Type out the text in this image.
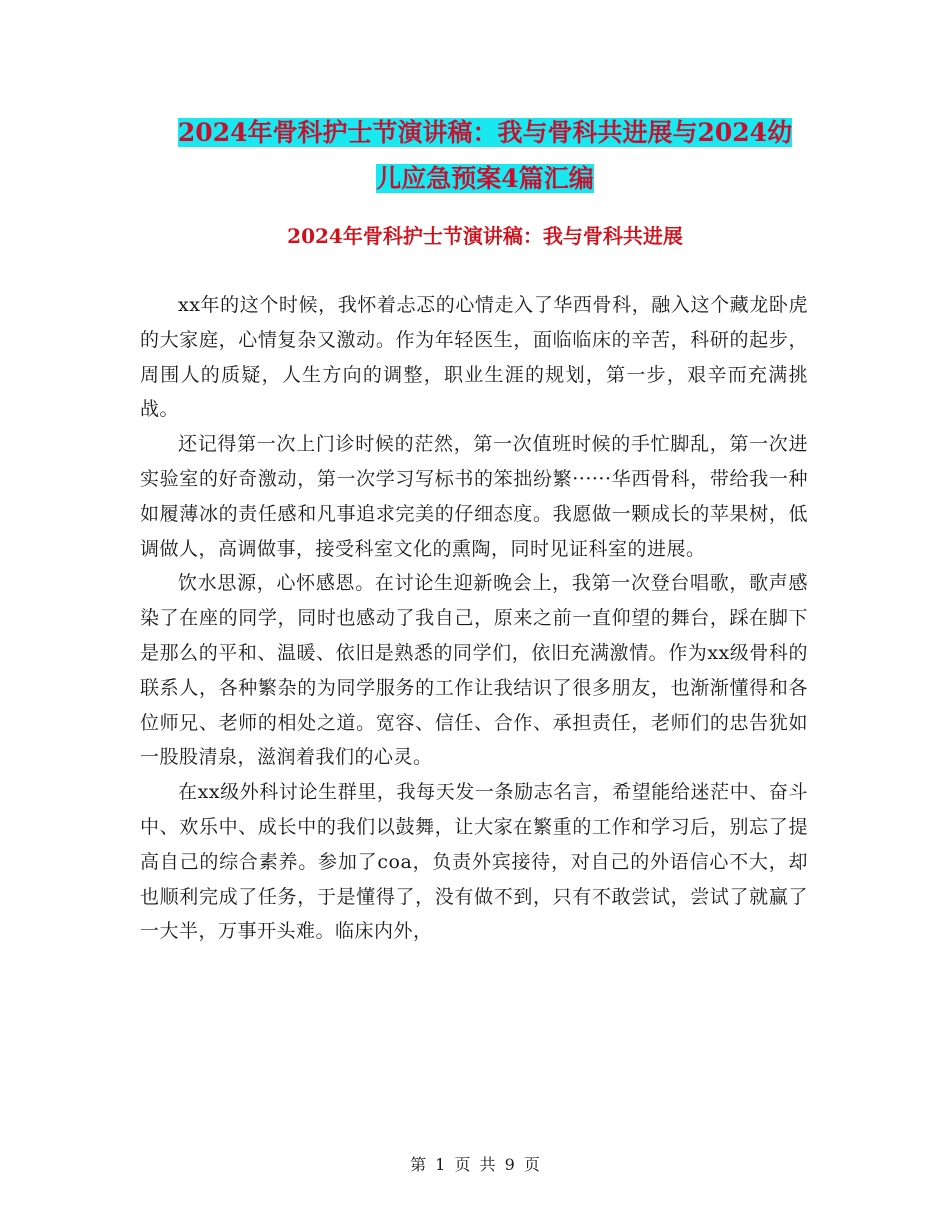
2024年骨科护士节演讲稿：我与骨科共进展与2024幼
儿应急预案4篇汇编
2024年骨科护士节演讲稿：我与骨科共进展

xx年的这个时候，我怀着忐忑的心情走入了华西骨科，融入这个藏龙卧虎的大家庭，心情复杂又激动。作为年轻医生，面临临床的辛苦，科研的起步，周围人的质疑，人生方向的调整，职业生涯的规划，第一步，艰辛而充满挑战。

还记得第一次上门诊时候的茫然，第一次值班时候的手忙脚乱，第一次进实验室的好奇激动，第一次学习写标书的笨拙纷繁······华西骨科，带给我一种如履薄冰的责任感和凡事追求完美的仔细态度。我愿做一颗成长的苹果树，低调做人，高调做事，接受科室文化的熏陶，同时见证科室的进展。

饮水思源，心怀感恩。在讨论生迎新晚会上，我第一次登台唱歌，歌声感染了在座的同学，同时也感动了我自己，原来之前一直仰望的舞台，踩在脚下是那么的平和、温暖、依旧是熟悉的同学们，依旧充满激情。作为xx级骨科的联系人，各种繁杂的为同学服务的工作让我结识了很多朋友，也渐渐懂得和各位师兄、老师的相处之道。宽容、信任、合作、承担责任，老师们的忠告犹如一股股清泉，滋润着我们的心灵。

在xx级外科讨论生群里，我每天发一条励志名言，希望能给迷茫中、奋斗中、欢乐中、成长中的我们以鼓舞，让大家在繁重的工作和学习后，别忘了提高自己的综合素养。参加了coa，负责外宾接待，对自己的外语信心不大，却也顺利完成了任务，于是懂得了，没有做不到，只有不敢尝试，尝试了就赢了一大半，万事开头难。临床内外，

第 1 页 共 9 页
